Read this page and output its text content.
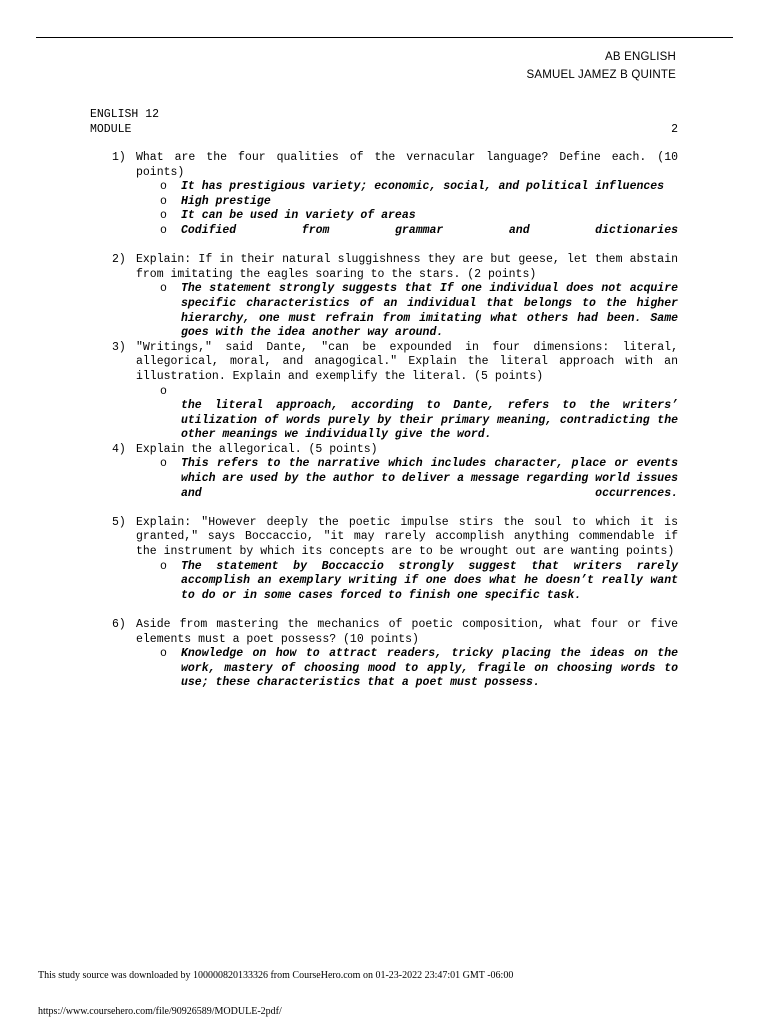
AB ENGLISH
SAMUEL JAMEZ B QUINTE
ENGLISH 12
MODULE	2
1) What are the four qualities of the vernacular language? Define each. (10 points)
o It has prestigious variety; economic, social, and political influences
o High prestige
o It can be used in variety of areas
o Codified from grammar and dictionaries
2) Explain: If in their natural sluggishness they are but geese, let them abstain from imitating the eagles soaring to the stars. (2 points)
o The statement strongly suggests that If one individual does not acquire specific characteristics of an individual that belongs to the higher hierarchy, one must refrain from imitating what others had been. Same goes with the idea another way around.
3) "Writings," said Dante, "can be expounded in four dimensions: literal, allegorical, moral, and anagogical." Explain the literal approach with an illustration. Explain and exemplify the literal. (5 points)
o

the literal approach, according to Dante, refers to the writers’ utilization of words purely by their primary meaning, contradicting the other meanings we individually give the word.
4) Explain the allegorical. (5 points)
o This refers to the narrative which includes character, place or events which are used by the author to deliver a message regarding world issues and occurrences.
5) Explain: "However deeply the poetic impulse stirs the soul to which it is granted," says Boccaccio, "it may rarely accomplish anything commendable if the instrument by which its concepts are to be wrought out are wanting points)
o The statement by Boccaccio strongly suggest that writers rarely accomplish an exemplary writing if one does what he doesn’t really want to do or in some cases forced to finish one specific task.
6) Aside from mastering the mechanics of poetic composition, what four or five elements must a poet possess? (10 points)
o Knowledge on how to attract readers, tricky placing the ideas on the work, mastery of choosing mood to apply, fragile on choosing words to use; these characteristics that a poet must possess.
This study source was downloaded by 100000820133326 from CourseHero.com on 01-23-2022 23:47:01 GMT -06:00
https://www.coursehero.com/file/90926589/MODULE-2pdf/
